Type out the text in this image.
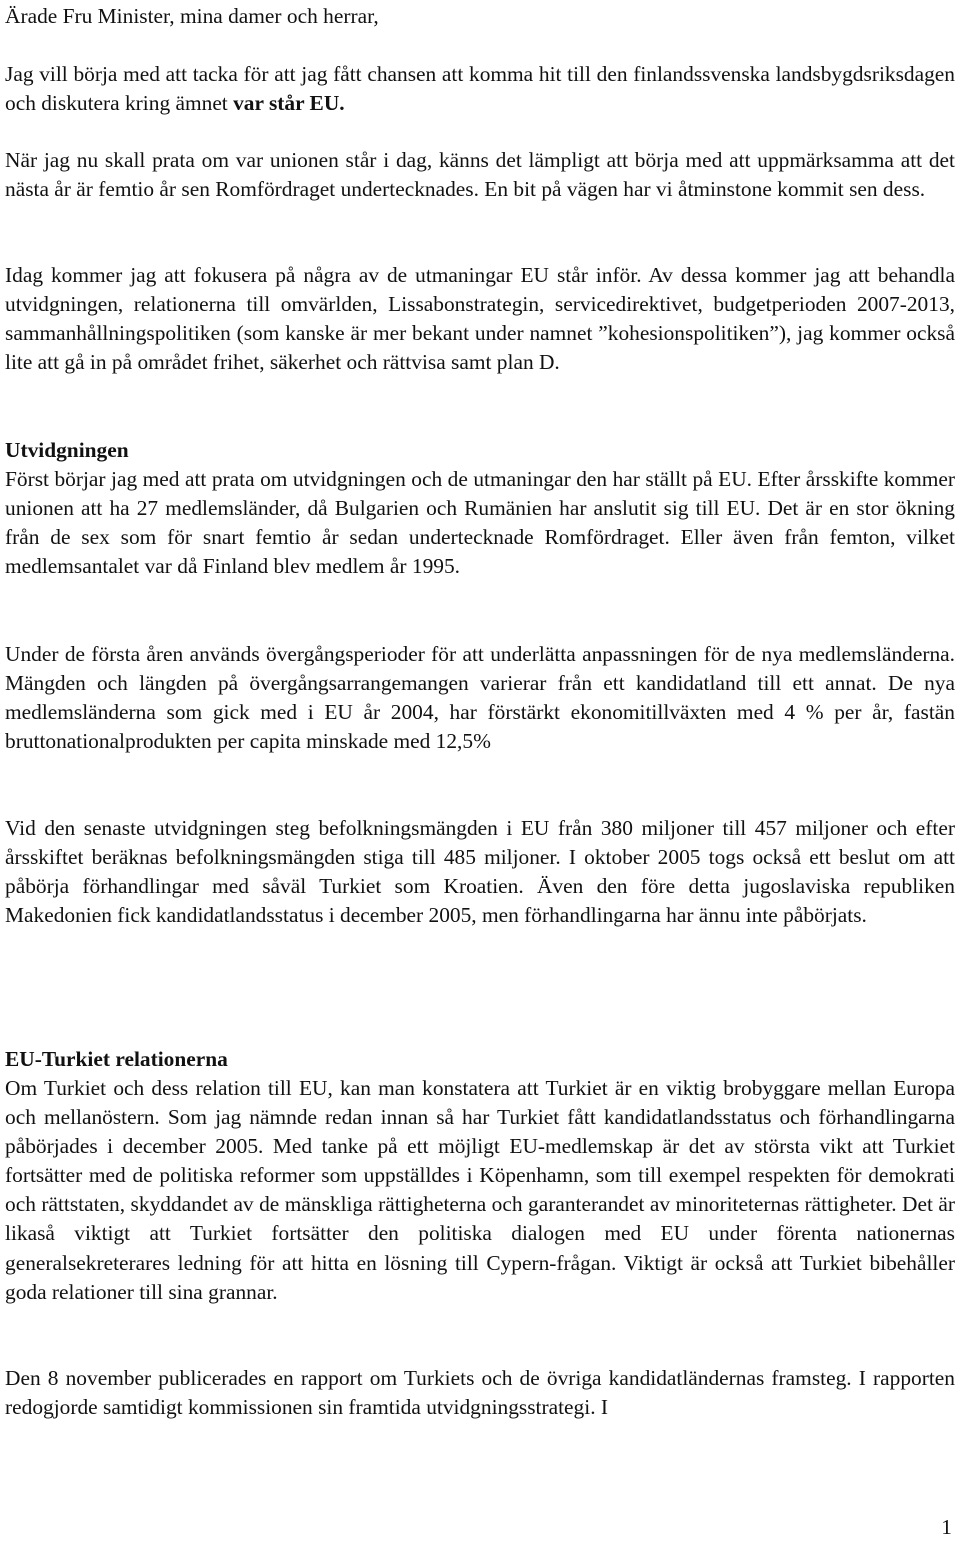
Ärade Fru Minister, mina damer och herrar,

Jag vill börja med att tacka för att jag fått chansen att komma hit till den finlandssvenska landsbygdsriksdagen och diskutera kring ämnet var står EU.

När jag nu skall prata om var unionen står i dag, känns det lämpligt att börja med att uppmärksamma att det nästa år är femtio år sen Romfördraget undertecknades. En bit på vägen har vi åtminstone kommit sen dess.

Idag kommer jag att fokusera på några av de utmaningar EU står inför. Av dessa kommer jag att behandla utvidgningen, relationerna till omvärlden, Lissabonstrategin, servicedirektivet, budgetperioden 2007-2013, sammanhållningspolitiken (som kanske är mer bekant under namnet ”kohesionspolitiken”), jag kommer också lite att gå in på området frihet, säkerhet och rättvisa samt plan D.

Utvidgningen

Först börjar jag med att prata om utvidgningen och de utmaningar den har ställt på EU. Efter årsskifte kommer unionen att ha 27 medlemsländer, då Bulgarien och Rumänien har anslutit sig till EU. Det är en stor ökning från de sex som för snart femtio år sedan undertecknade Romfördraget. Eller även från femton, vilket medlemsantalet var då Finland blev medlem år 1995.

Under de första åren används övergångsperioder för att underlätta anpassningen för de nya medlemsländerna. Mängden och längden på övergångsarrangemangen varierar från ett kandidatland till ett annat. De nya medlemsländerna som gick med i EU år 2004, har förstärkt ekonomitillväxten med 4 % per år, fastän bruttonationalprodukten per capita minskade med 12,5%

Vid den senaste utvidgningen steg befolkningsmängden i EU från 380 miljoner till 457 miljoner och efter årsskiftet beräknas befolkningsmängden stiga till 485 miljoner. I oktober 2005 togs också ett beslut om att påbörja förhandlingar med såväl Turkiet som Kroatien. Även den före detta jugoslaviska republiken Makedonien fick kandidatlandsstatus i december 2005, men förhandlingarna har ännu inte påbörjats.

EU-Turkiet relationerna

Om Turkiet och dess relation till EU, kan man konstatera att Turkiet är en viktig brobyggare mellan Europa och mellanöstern. Som jag nämnde redan innan så har Turkiet fått kandidatlandsstatus och förhandlingarna påbörjades i december 2005. Med tanke på ett möjligt EU-medlemskap är det av största vikt att Turkiet fortsätter med de politiska reformer som uppställdes i Köpenhamn, som till exempel respekten för demokrati och rättstaten, skyddandet av de mänskliga rättigheterna och garanterandet av minoriteternas rättigheter. Det är likaså viktigt att Turkiet fortsätter den politiska dialogen med EU under förenta nationernas generalsekreterares ledning för att hitta en lösning till Cypern-frågan. Viktigt är också att Turkiet bibehåller goda relationer till sina grannar.

Den 8 november publicerades en rapport om Turkiets och de övriga kandidatländernas framsteg. I rapporten redogjorde samtidigt kommissionen sin framtida utvidgningsstrategi. I

1
